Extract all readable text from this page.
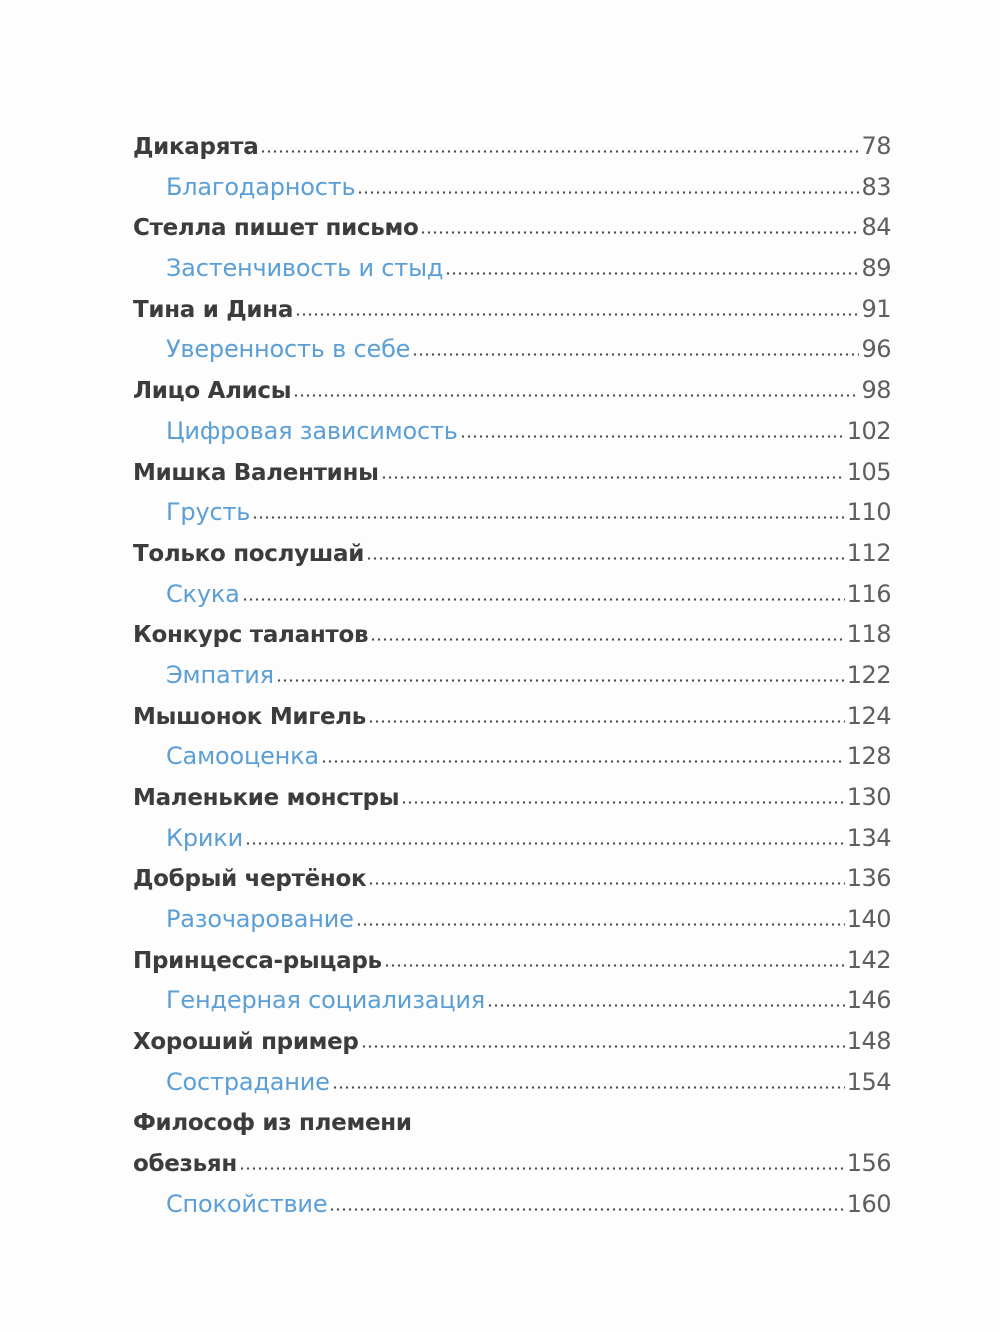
Дикарята	78
Благодарность	83
Стелла пишет письмо	84
Застенчивость и стыд	89
Тина и Дина	91
Уверенность в себе	96
Лицо Алисы	98
Цифровая зависимость	102
Мишка Валентины	105
Грусть	110
Только послушай	112
Скука	116
Конкурс талантов	118
Эмпатия	122
Мышонок Мигель	124
Самооценка	128
Маленькие монстры	130
Крики	134
Добрый чертёнок	136
Разочарование	140
Принцесса-рыцарь	142
Гендерная социализация	146
Хороший пример	148
Сострадание	154
Философ из племени
обезьян	156
Спокойствие	160
